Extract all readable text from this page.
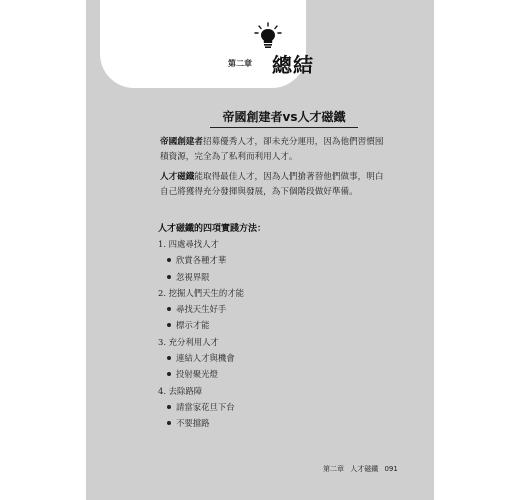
第二章 總結
帝國創建者vs人才磁鐵
帝國創建者招募優秀人才，卻未充分運用，因為他們習慣囤積資源，完全為了私利而利用人才。
人才磁鐵能取得最佳人才，因為人們搶著替他們做事，明白自己將獲得充分發揮與發展，為下個階段做好準備。
人才磁鐵的四項實踐方法：
1. 四處尋找人才
欣賞各種才華
忽視界限
2. 挖掘人們天生的才能
尋找天生好手
標示才能
3. 充分利用人才
連結人才與機會
投射聚光燈
4. 去除路障
請當家花旦下台
不要擋路
第二章 人才磁鐵 091
